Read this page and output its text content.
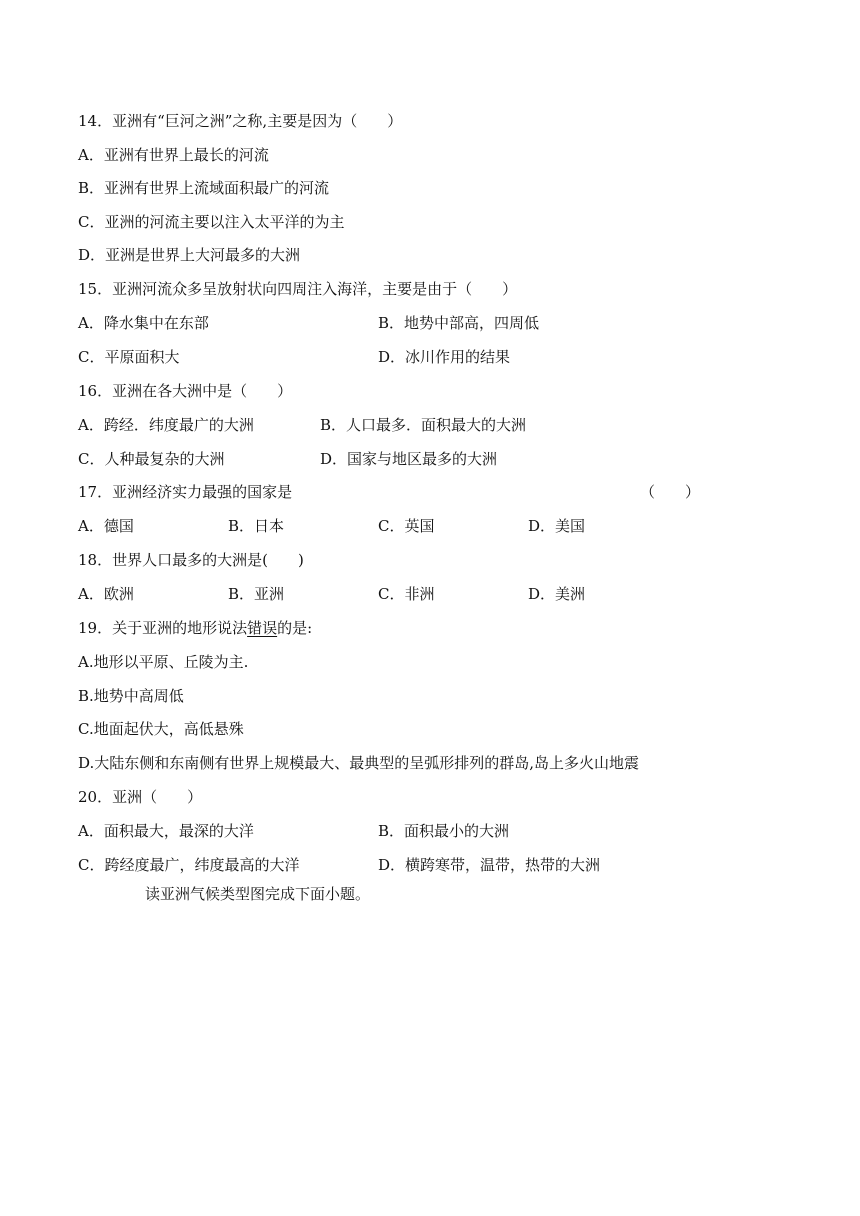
14．亚洲有“巨河之洲”之称,主要是因为（　　）
A．亚洲有世界上最长的河流
B．亚洲有世界上流域面积最广的河流
C．亚洲的河流主要以注入太平洋的为主
D．亚洲是世界上大河最多的大洲
15．亚洲河流众多呈放射状向四周注入海洋，主要是由于（　　）
A．降水集中在东部	B．地势中部高，四周低
C．平原面积大	D．冰川作用的结果
16．亚洲在各大洲中是（　　）
A．跨经．纬度最广的大洲	B．人口最多．面积最大的大洲
C．人种最复杂的大洲	D．国家与地区最多的大洲
17．亚洲经济实力最强的国家是	（　　）
A．德国	B．日本	C．英国	D．美国
18．世界人口最多的大洲是(　　)
A．欧洲	B．亚洲	C．非洲	D．美洲
19．关于亚洲的地形说法错误的是:
A.地形以平原、丘陵为主.
B.地势中高周低
C.地面起伏大，高低悬殊
D.大陆东侧和东南侧有世界上规模最大、最典型的呈弧形排列的群岛,岛上多火山地震
20．亚洲（　　）
A．面积最大，最深的大洋	B．面积最小的大洲
C．跨经度最广，纬度最高的大洋	D．横跨寒带，温带，热带的大洲
读亚洲气候类型图完成下面小题。
